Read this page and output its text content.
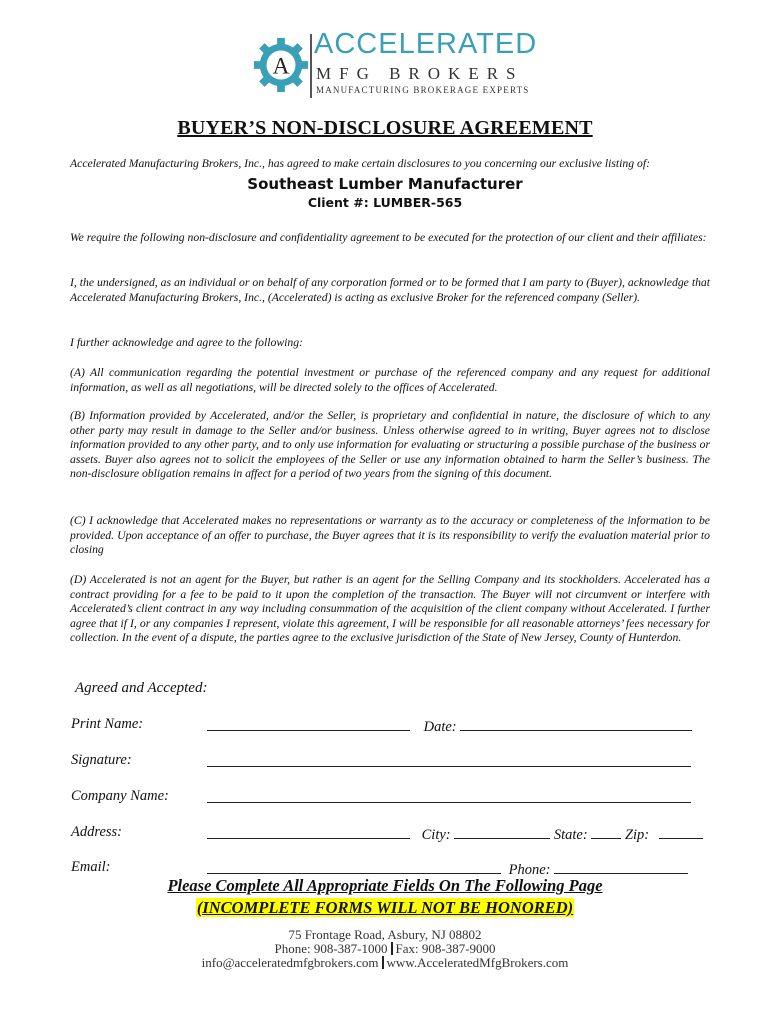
A
ACCELERATED
MFG BROKERS
MANUFACTURING BROKERAGE EXPERTS
BUYER’S NON-DISCLOSURE AGREEMENT
Accelerated Manufacturing Brokers, Inc., has agreed to make certain disclosures to you concerning our exclusive listing of:
Southeast Lumber Manufacturer
Client #: LUMBER-565
We require the following non-disclosure and confidentiality agreement to be executed for the protection of our client and their affiliates:
I, the undersigned, as an individual or on behalf of any corporation formed or to be formed that I am party to (Buyer), acknowledge that Accelerated Manufacturing Brokers, Inc., (Accelerated) is acting as exclusive Broker for the referenced company (Seller).
I further acknowledge and agree to the following:
(A) All communication regarding the potential investment or purchase of the referenced company and any request for additional information, as well as all negotiations, will be directed solely to the offices of Accelerated.
(B) Information provided by Accelerated, and/or the Seller, is proprietary and confidential in nature, the disclosure of which to any other party may result in damage to the Seller and/or business. Unless otherwise agreed to in writing, Buyer agrees not to disclose information provided to any other party, and to only use information for evaluating or structuring a possible purchase of the business or assets. Buyer also agrees not to solicit the employees of the Seller or use any information obtained to harm the Seller’s business. The non-disclosure obligation remains in affect for a period of two years from the signing of this document.
(C) I acknowledge that Accelerated makes no representations or warranty as to the accuracy or completeness of the information to be provided. Upon acceptance of an offer to purchase, the Buyer agrees that it is its responsibility to verify the evaluation material prior to closing
(D) Accelerated is not an agent for the Buyer, but rather is an agent for the Selling Company and its stockholders. Accelerated has a contract providing for a fee to be paid to it upon the completion of the transaction. The Buyer will not circumvent or interfere with Accelerated’s client contract in any way including consummation of the acquisition of the client company without Accelerated. I further agree that if I, or any companies I represent, violate this agreement, I will be responsible for all reasonable attorneys’ fees necessary for collection. In the event of a dispute, the parties agree to the exclusive jurisdiction of the State of New Jersey, County of Hunterdon.
Agreed and Accepted:
Print Name:	Date:
Signature:
Company Name:
Address:	City:	State:	Zip:
Email:	Phone:
Please Complete All Appropriate Fields On The Following Page
(INCOMPLETE FORMS WILL NOT BE HONORED)
75 Frontage Road, Asbury, NJ 08802
Phone: 908-387-1000 Fax: 908-387-9000
info@acceleratedmfgbrokers.com www.AcceleratedMfgBrokers.com
